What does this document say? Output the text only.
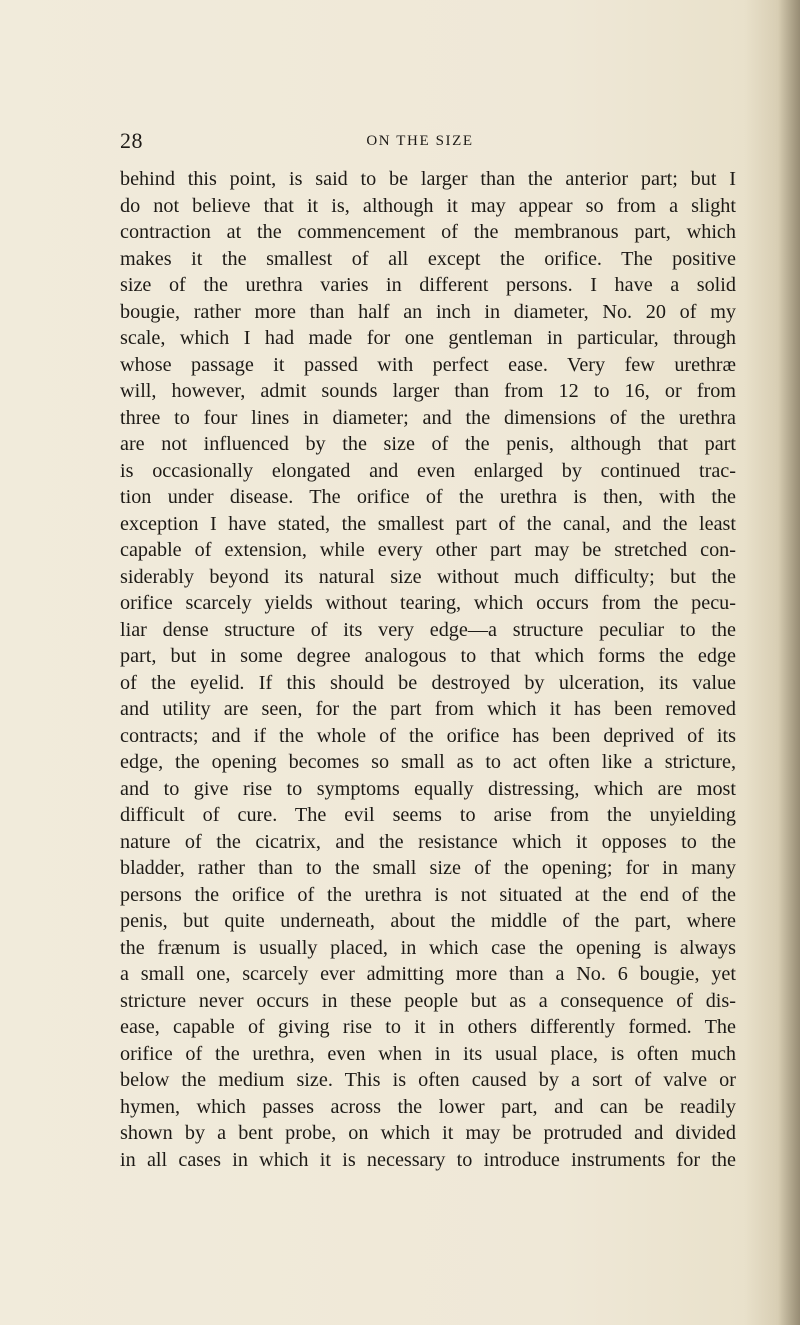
28	ON THE SIZE
behind this point, is said to be larger than the anterior part; but I
do not believe that it is, although it may appear so from a slight
contraction at the commencement of the membranous part, which
makes it the smallest of all except the orifice. The positive
size of the urethra varies in different persons. I have a solid
bougie, rather more than half an inch in diameter, No. 20 of my
scale, which I had made for one gentleman in particular, through
whose passage it passed with perfect ease. Very few urethræ
will, however, admit sounds larger than from 12 to 16, or from
three to four lines in diameter; and the dimensions of the urethra
are not influenced by the size of the penis, although that part
is occasionally elongated and even enlarged by continued trac-
tion under disease. The orifice of the urethra is then, with the
exception I have stated, the smallest part of the canal, and the least
capable of extension, while every other part may be stretched con-
siderably beyond its natural size without much difficulty; but the
orifice scarcely yields without tearing, which occurs from the pecu-
liar dense structure of its very edge—a structure peculiar to the
part, but in some degree analogous to that which forms the edge
of the eyelid. If this should be destroyed by ulceration, its value
and utility are seen, for the part from which it has been removed
contracts; and if the whole of the orifice has been deprived of its
edge, the opening becomes so small as to act often like a stricture,
and to give rise to symptoms equally distressing, which are most
difficult of cure. The evil seems to arise from the unyielding
nature of the cicatrix, and the resistance which it opposes to the
bladder, rather than to the small size of the opening; for in many
persons the orifice of the urethra is not situated at the end of the
penis, but quite underneath, about the middle of the part, where
the frænum is usually placed, in which case the opening is always
a small one, scarcely ever admitting more than a No. 6 bougie, yet
stricture never occurs in these people but as a consequence of dis-
ease, capable of giving rise to it in others differently formed. The
orifice of the urethra, even when in its usual place, is often much
below the medium size. This is often caused by a sort of valve or
hymen, which passes across the lower part, and can be readily
shown by a bent probe, on which it may be protruded and divided
in all cases in which it is necessary to introduce instruments for the
